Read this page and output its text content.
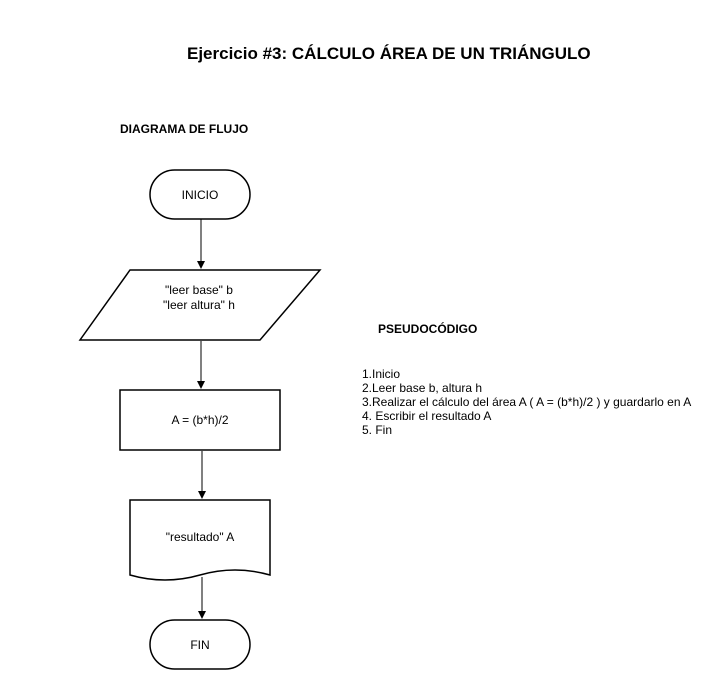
Ejercicio #3: CÁLCULO ÁREA DE UN TRIÁNGULO
DIAGRAMA DE FLUJO
PSEUDOCÓDIGO
INICIO
"leer base" b
"leer altura" h
A = (b*h)/2
"resultado" A
FIN
1.Inicio
2.Leer base b, altura h
3.Realizar el cálculo del área A ( A = (b*h)/2 ) y guardarlo en A
4. Escribir el resultado A
5. Fin
